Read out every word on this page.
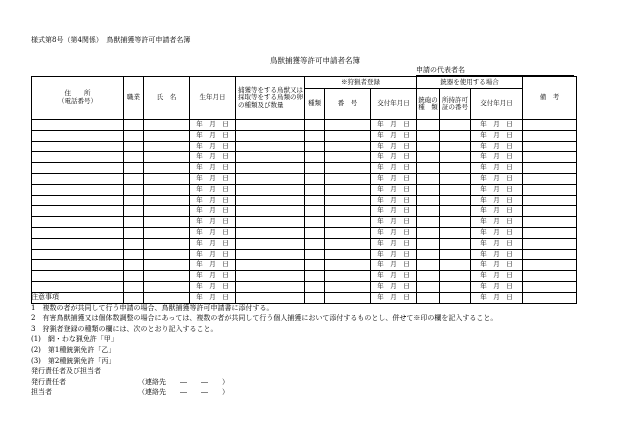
様式第8号（第4関係）　鳥獣捕獲等許可申請者名簿
鳥獣捕獲等許可申請者名簿
申請の代表者名
住　　所
（電話番号）	職業	氏　名	生年月日	捕獲等をする鳥獣又は採取等をする鳥類の卵の種類及び数量	※狩猟者登録			銃器を使用する場合			備　考
					種類	番　号	交付年月日	銃砲の種　類	所持許可証の番号	交付年月日	
			年　月　日				年　月　日			年　月　日	
			年　月　日				年　月　日			年　月　日	
			年　月　日				年　月　日			年　月　日	
			年　月　日				年　月　日			年　月　日	
			年　月　日				年　月　日			年　月　日	
			年　月　日				年　月　日			年　月　日	
			年　月　日				年　月　日			年　月　日	
			年　月　日				年　月　日			年　月　日	
			年　月　日				年　月　日			年　月　日	
			年　月　日				年　月　日			年　月　日	
			年　月　日				年　月　日			年　月　日	
			年　月　日				年　月　日			年　月　日	
			年　月　日				年　月　日			年　月　日	
			年　月　日				年　月　日			年　月　日	
			年　月　日				年　月　日			年　月　日	
			年　月　日				年　月　日			年　月　日	
			年　月　日				年　月　日			年　月　日	
注意事項
1　複数の者が共同して行う申請の場合、鳥獣捕獲等許可申請書に添付する。
2　有害鳥獣捕獲又は個体数調整の場合にあっては、複数の者が共同して行う個人捕獲において添付するものとし、併せて※印の欄を記入すること。
3　狩猟者登録の種類の欄には、次のとおり記入すること。
(1)　網・わな猟免許「甲」
(2)　第1種銃猟免許「乙」
(3)　第2種銃猟免許「丙」
発行責任者及び担当者
発行責任者	（連絡先　　―　　―　　）
担当者	（連絡先　　―　　―　　）
